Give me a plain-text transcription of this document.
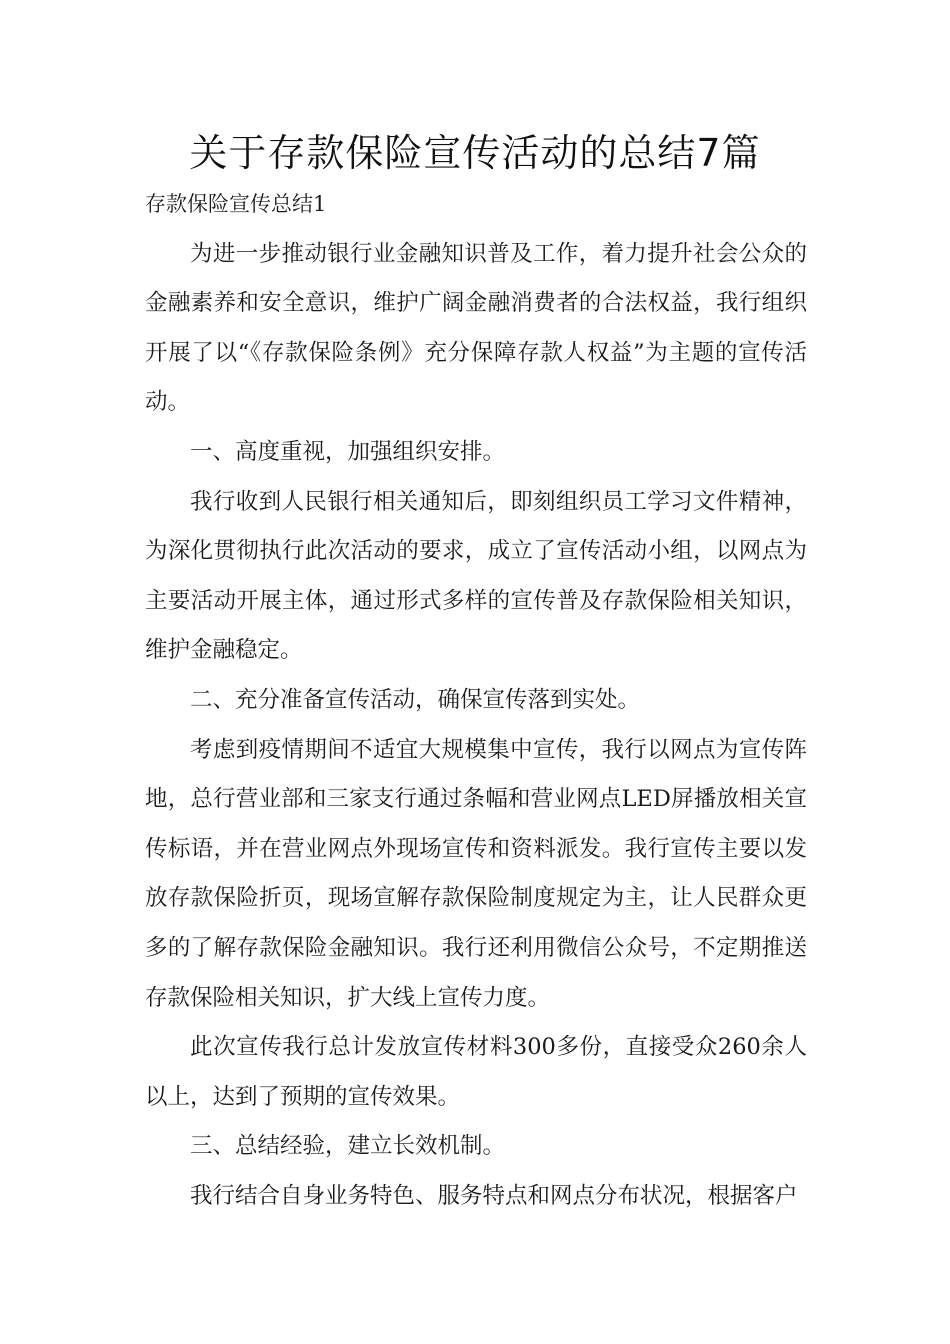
关于存款保险宣传活动的总结7篇

存款保险宣传总结1

为进一步推动银行业金融知识普及工作，着力提升社会公众的金融素养和安全意识，维护广阔金融消费者的合法权益，我行组织开展了以“《存款保险条例》充分保障存款人权益”为主题的宣传活动。

一、高度重视，加强组织安排。

我行收到人民银行相关通知后，即刻组织员工学习文件精神，为深化贯彻执行此次活动的要求，成立了宣传活动小组，以网点为主要活动开展主体，通过形式多样的宣传普及存款保险相关知识，维护金融稳定。

二、充分准备宣传活动，确保宣传落到实处。

考虑到疫情期间不适宜大规模集中宣传，我行以网点为宣传阵地，总行营业部和三家支行通过条幅和营业网点LED屏播放相关宣传标语，并在营业网点外现场宣传和资料派发。我行宣传主要以发放存款保险折页，现场宣解存款保险制度规定为主，让人民群众更多的了解存款保险金融知识。我行还利用微信公众号，不定期推送存款保险相关知识，扩大线上宣传力度。

此次宣传我行总计发放宣传材料300多份，直接受众260余人以上，达到了预期的宣传效果。

三、总结经验，建立长效机制。

我行结合自身业务特色、服务特点和网点分布状况，根据客户
